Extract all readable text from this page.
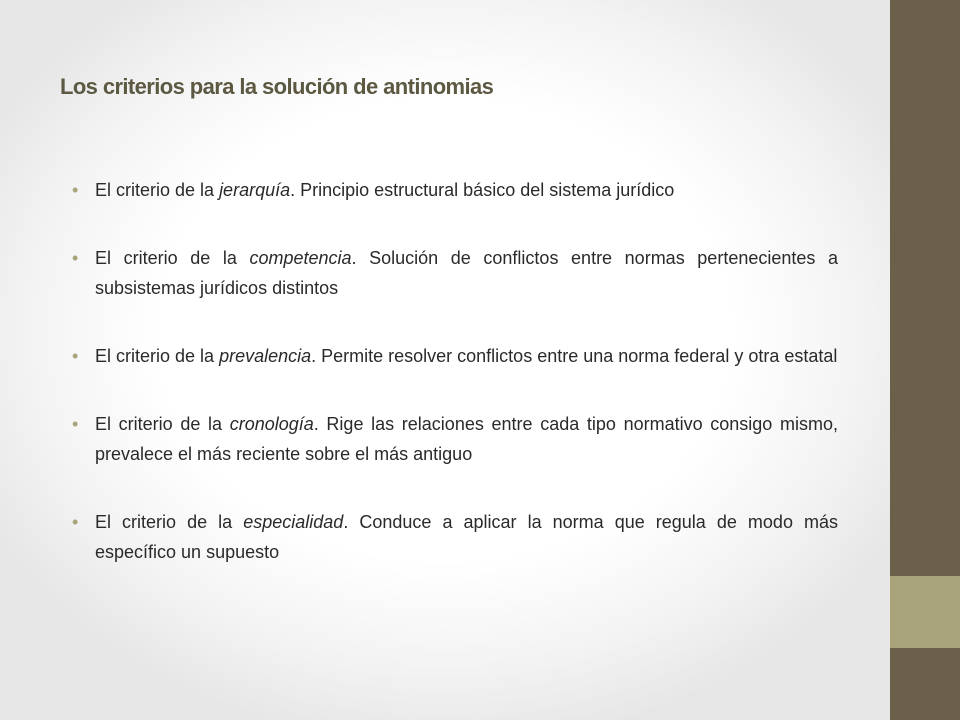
Los criterios para la solución de antinomias
• El criterio de la jerarquía. Principio estructural básico del sistema jurídico
• El criterio de la competencia. Solución de conflictos entre normas pertenecientes a subsistemas jurídicos distintos
• El criterio de la prevalencia. Permite resolver conflictos entre una norma federal y otra estatal
• El criterio de la cronología. Rige las relaciones entre cada tipo normativo consigo mismo, prevalece el más reciente sobre el más antiguo
• El criterio de la especialidad. Conduce a aplicar la norma que regula de modo más específico un supuesto
